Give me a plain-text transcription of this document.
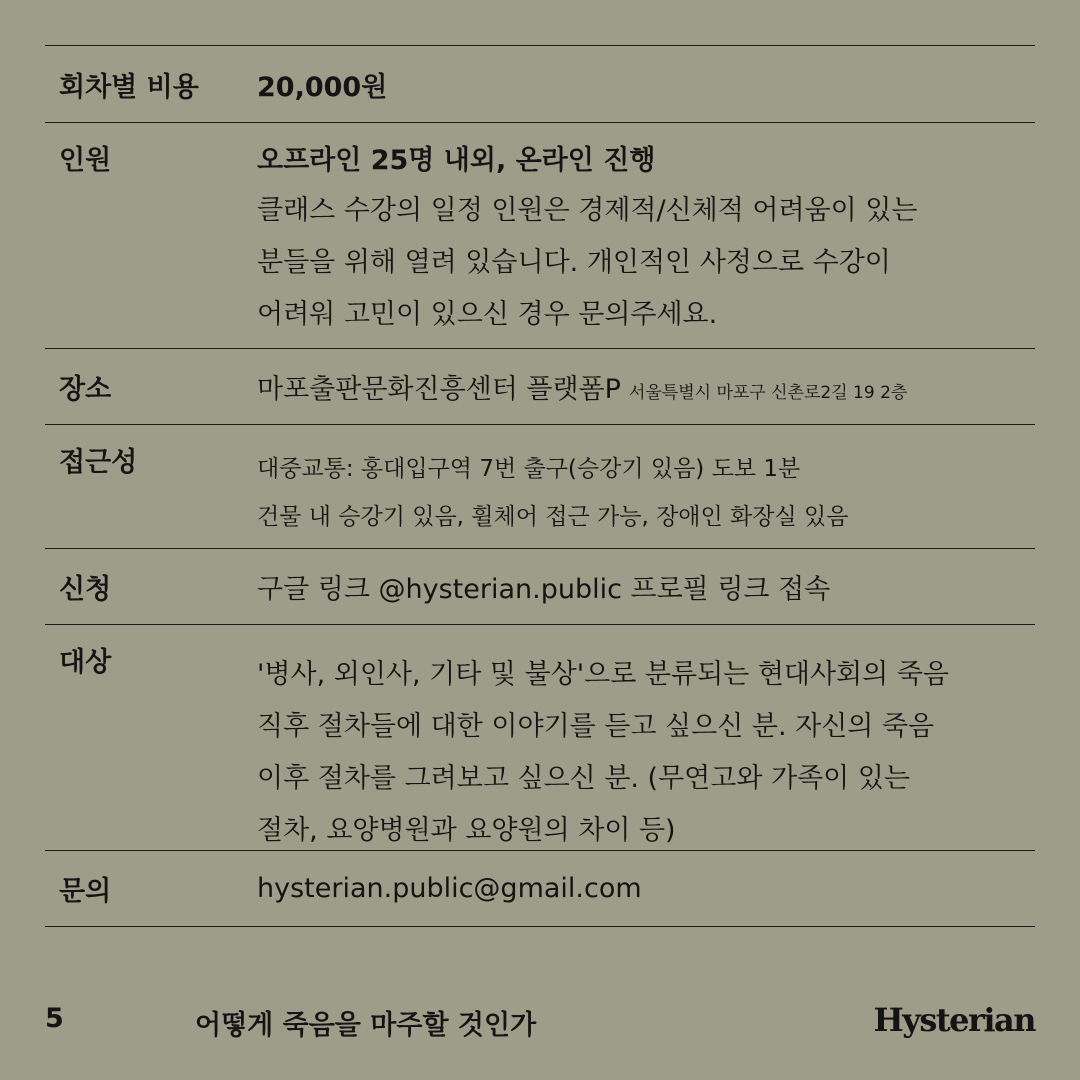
회차별 비용	20,000원
인원	오프라인 25명 내외, 온라인 진행
클래스 수강의 일정 인원은 경제적/신체적 어려움이 있는
분들을 위해 열려 있습니다. 개인적인 사정으로 수강이
어려워 고민이 있으신 경우 문의주세요.
장소	마포출판문화진흥센터 플랫폼P 서울특별시 마포구 신촌로2길 19 2층
접근성	대중교통: 홍대입구역 7번 출구(승강기 있음) 도보 1분
건물 내 승강기 있음, 휠체어 접근 가능, 장애인 화장실 있음
신청	구글 링크 @hysterian.public 프로필 링크 접속
대상	'병사, 외인사, 기타 및 불상'으로 분류되는 현대사회의 죽음
직후 절차들에 대한 이야기를 듣고 싶으신 분. 자신의 죽음
이후 절차를 그려보고 싶으신 분. (무연고와 가족이 있는
절차, 요양병원과 요양원의 차이 등)
문의	hysterian.public@gmail.com
5	어떻게 죽음을 마주할 것인가	Hysterian
